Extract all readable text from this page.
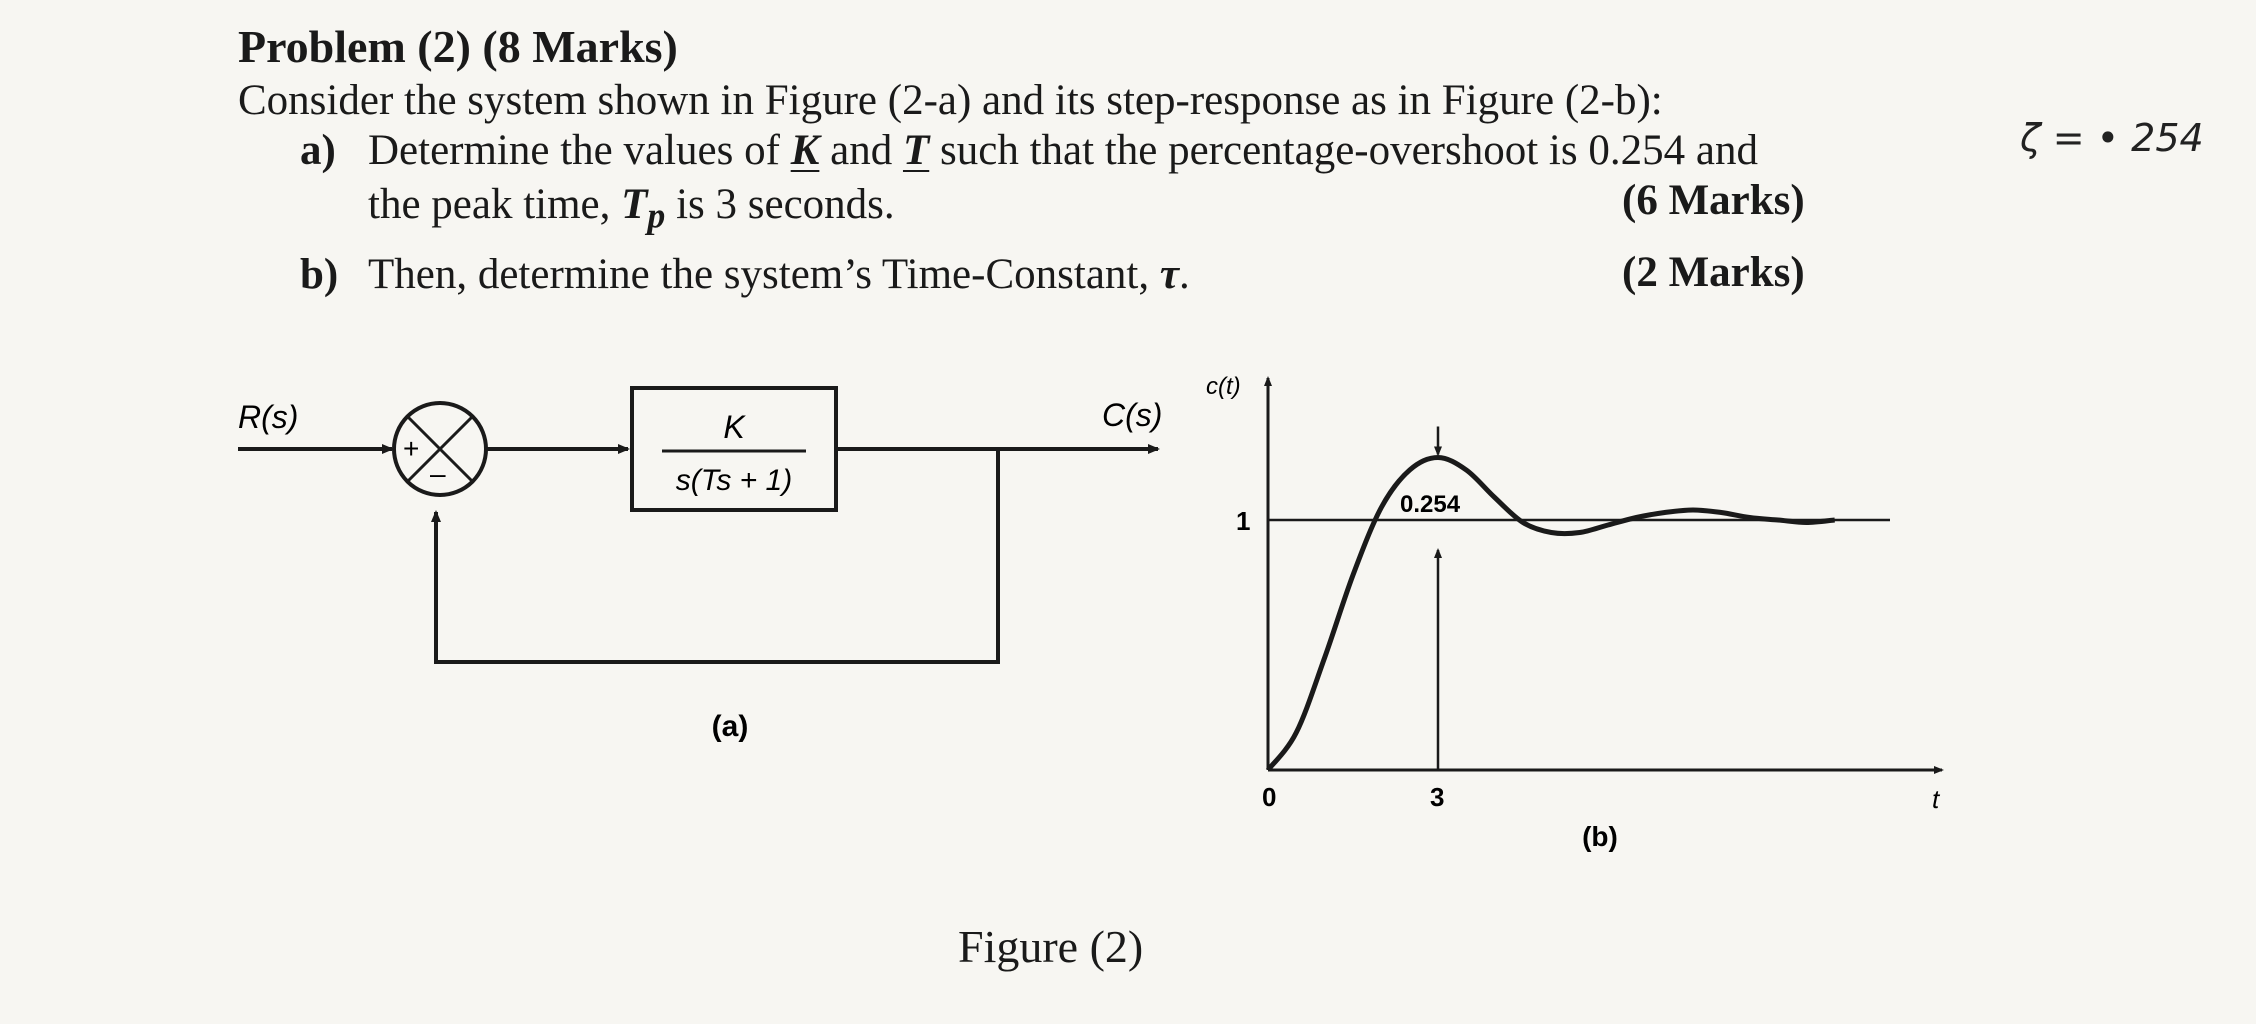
Problem (2) (8 Marks)
Consider the system shown in Figure (2-a) and its step-response as in Figure (2-b):
a) Determine the values of K and T such that the percentage-overshoot is 0.254 and
the peak time, $T_p$ is 3 seconds.	(6 Marks)
b) Then, determine the system’s Time-Constant, τ.	(2 Marks)
ζ = • 254
Figure (2)
R(s)
+
–
K
s(Ts + 1)
C(s)
(a)
c(t)
t
1
0	3
0.254
(b)
